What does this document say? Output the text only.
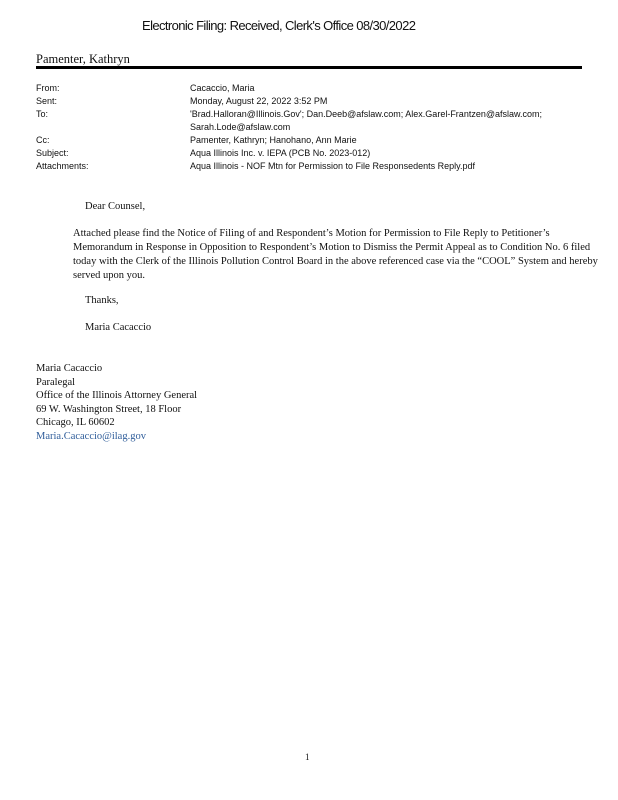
Electronic Filing: Received, Clerk's Office 08/30/2022
Pamenter, Kathryn
From:	Cacaccio, Maria
Sent:	Monday, August 22, 2022 3:52 PM
To:	'Brad.Halloran@Illinois.Gov'; Dan.Deeb@afslaw.com; Alex.Garel-Frantzen@afslaw.com; Sarah.Lode@afslaw.com
Cc:	Pamenter, Kathryn; Hanohano, Ann Marie
Subject:	Aqua Illinois Inc. v. IEPA (PCB No. 2023-012)
Attachments:	Aqua Illinois - NOF Mtn for Permission to File Responsedents Reply.pdf
Dear Counsel,
Attached please find the Notice of Filing of and Respondent’s Motion for Permission to File Reply to Petitioner’s Memorandum in Response in Opposition to Respondent’s Motion to Dismiss the Permit Appeal as to Condition No. 6 filed today with the Clerk of the Illinois Pollution Control Board in the above referenced case via the “COOL” System and hereby served upon you.
Thanks,
Maria Cacaccio
Maria Cacaccio
Paralegal
Office of the Illinois Attorney General
69 W. Washington Street, 18 Floor
Chicago, IL 60602
Maria.Cacaccio@ilag.gov
1
